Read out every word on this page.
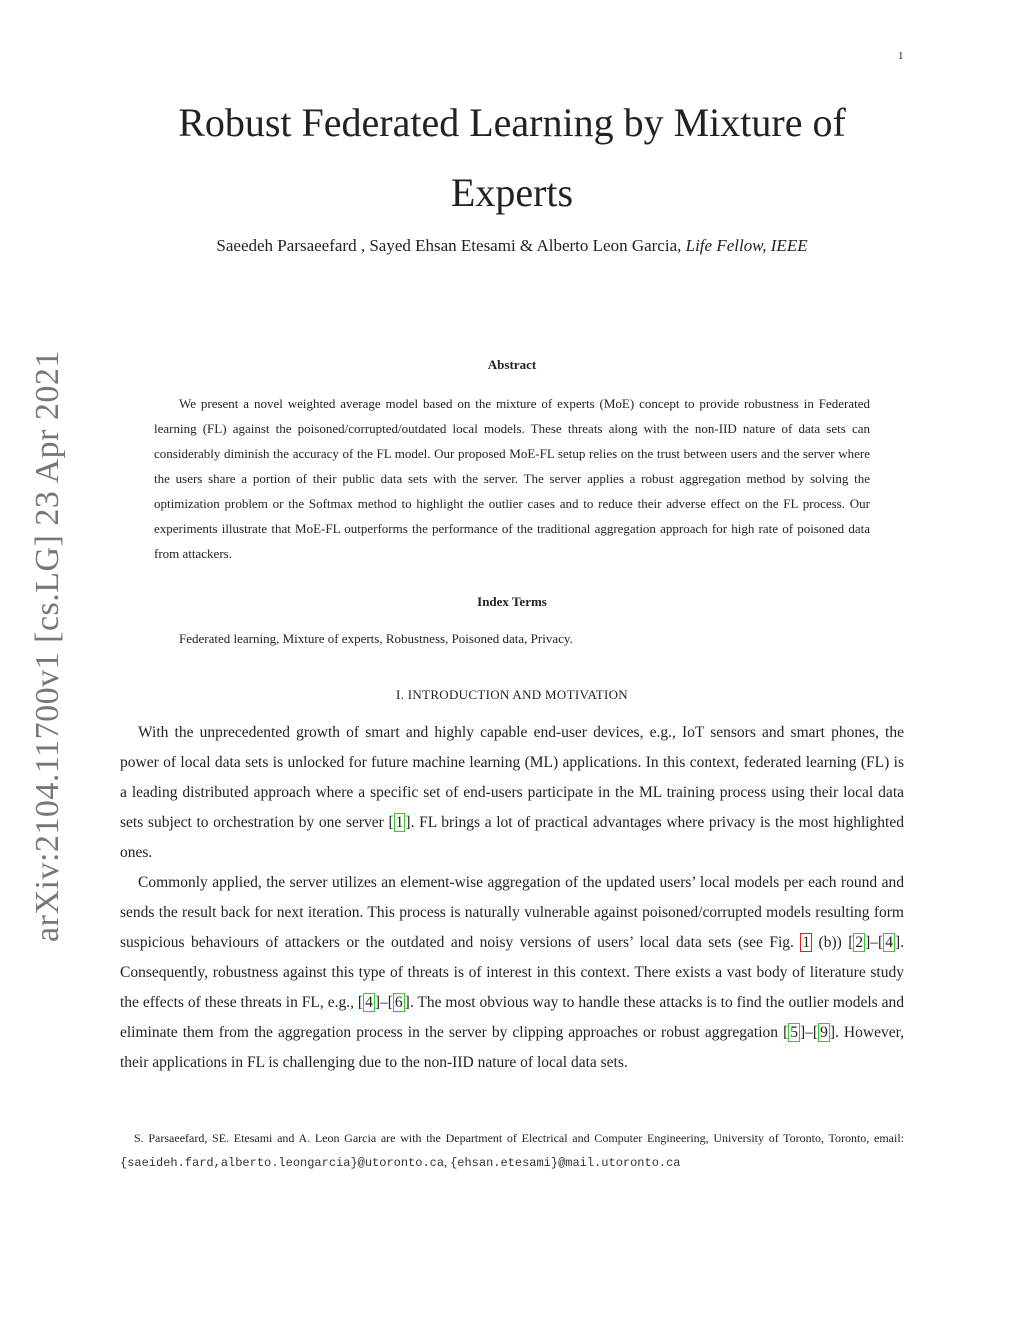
1
arXiv:2104.11700v1 [cs.LG] 23 Apr 2021
Robust Federated Learning by Mixture of
Experts
Saeedeh Parsaeefard , Sayed Ehsan Etesami & Alberto Leon Garcia, Life Fellow, IEEE
Abstract

We present a novel weighted average model based on the mixture of experts (MoE) concept to provide robustness in Federated learning (FL) against the poisoned/corrupted/outdated local models. These threats along with the non-IID nature of data sets can considerably diminish the accuracy of the FL model. Our proposed MoE-FL setup relies on the trust between users and the server where the users share a portion of their public data sets with the server. The server applies a robust aggregation method by solving the optimization problem or the Softmax method to highlight the outlier cases and to reduce their adverse effect on the FL process. Our experiments illustrate that MoE-FL outperforms the performance of the traditional aggregation approach for high rate of poisoned data from attackers.

Index Terms
Federated learning, Mixture of experts, Robustness, Poisoned data, Privacy.
I. INTRODUCTION AND MOTIVATION

With the unprecedented growth of smart and highly capable end-user devices, e.g., IoT sensors and smart phones, the power of local data sets is unlocked for future machine learning (ML) applications. In this context, federated learning (FL) is a leading distributed approach where a specific set of end-users participate in the ML training process using their local data sets subject to orchestration by one server [ 1 ]. FL brings a lot of practical advantages where privacy is the most highlighted ones.

Commonly applied, the server utilizes an element-wise aggregation of the updated users’ local models per each round and sends the result back for next iteration. This process is naturally vulnerable against poisoned/corrupted models resulting form suspicious behaviours of attackers or the outdated and noisy versions of users’ local data sets (see Fig. 1 (b)) [ 2 ]–[ 4 ]. Consequently, robustness against this type of threats is of interest in this context. There exists a vast body of literature study the effects of these threats in FL, e.g., [ 4 ]–[ 6 ]. The most obvious way to handle these attacks is to find the outlier models and eliminate them from the aggregation process in the server by clipping approaches or robust aggregation [ 5 ]–[ 9 ]. However, their applications in FL is challenging due to the non-IID nature of local data sets.

S. Parsaeefard, SE. Etesami and A. Leon Garcia are with the Department of Electrical and Computer Engineering, University of Toronto, Toronto, email: {saeideh.fard,alberto.leongarcia}@utoronto.ca, {ehsan.etesami}@mail.utoronto.ca
